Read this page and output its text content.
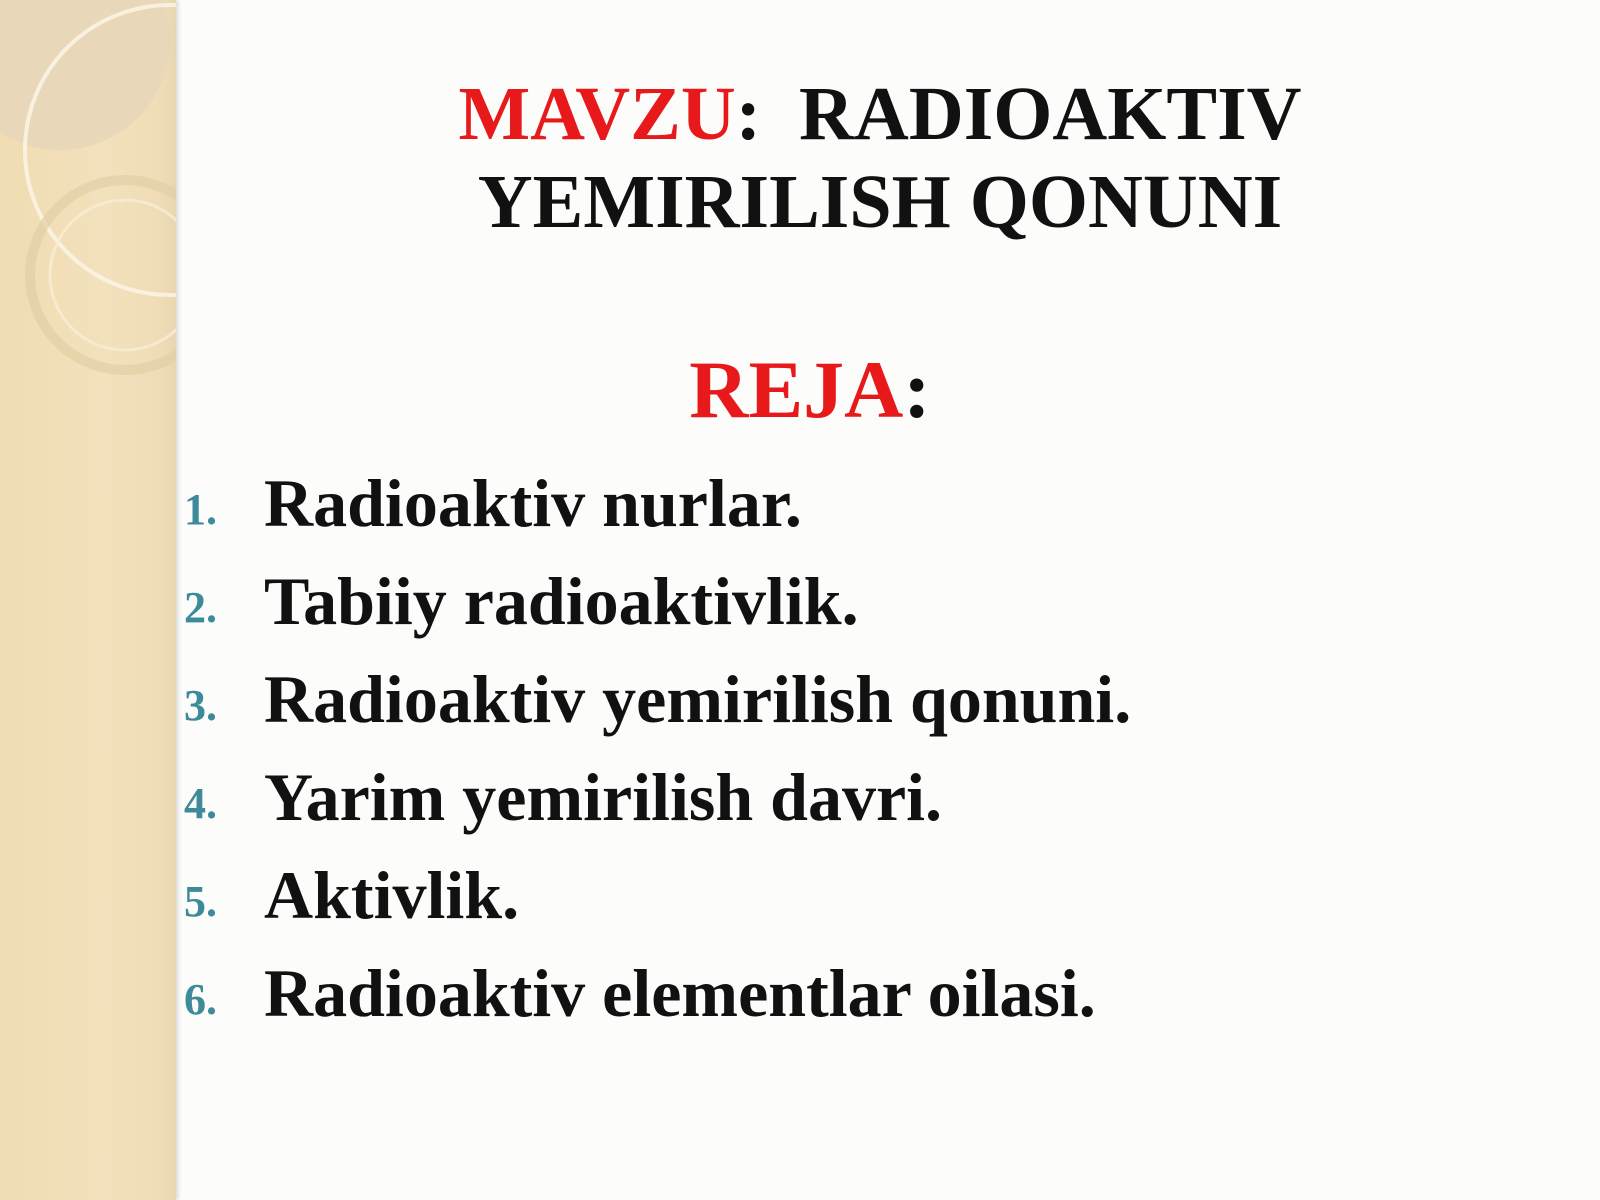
MAVZU: RADIOAKTIV
YEMIRILISH QONUNI
REJA:
1. Radioaktiv nurlar.
2. Tabiiy radioaktivlik.
3. Radioaktiv yemirilish qonuni.
4. Yarim yemirilish davri.
5. Aktivlik.
6. Radioaktiv elementlar oilasi.
